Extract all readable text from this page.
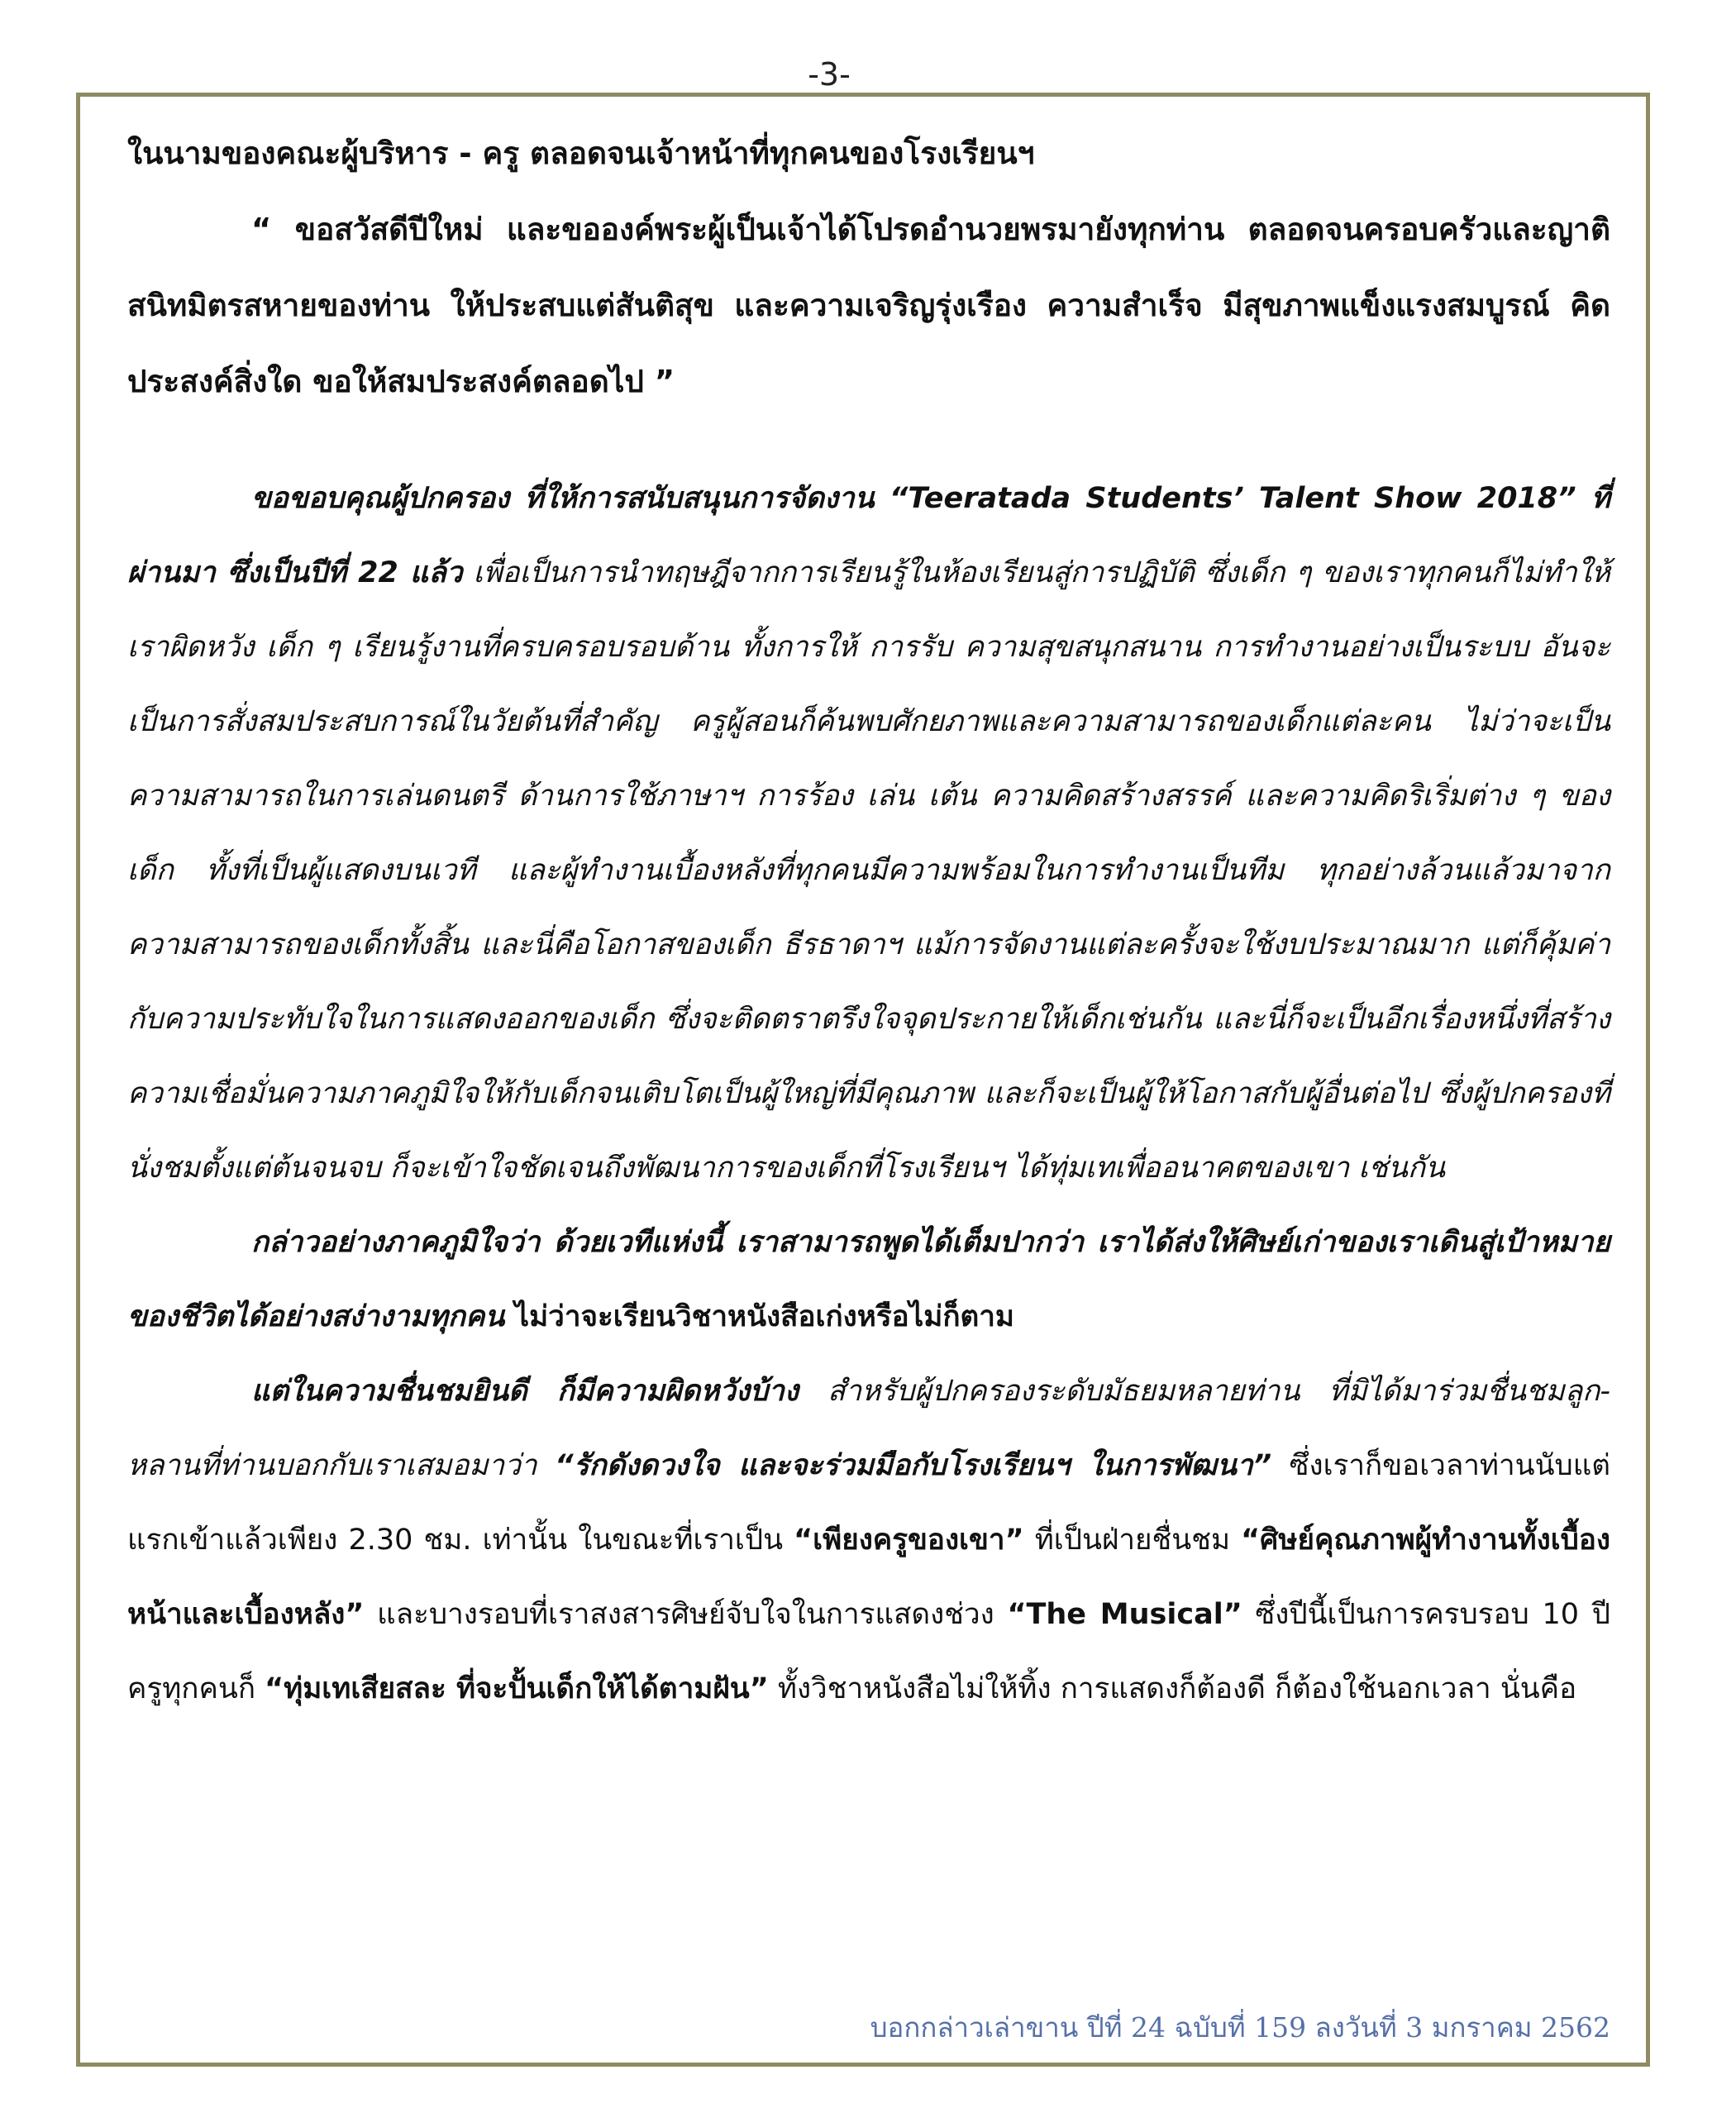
-3-

ในนามของคณะผู้บริหาร - ครู ตลอดจนเจ้าหน้าที่ทุกคนของโรงเรียนฯ

“ ขอสวัสดีปีใหม่ และขอองค์พระผู้เป็นเจ้าได้โปรดอำนวยพรมายังทุกท่าน ตลอดจนครอบครัวและญาติสนิทมิตรสหายของท่าน ให้ประสบแต่สันติสุข และความเจริญรุ่งเรือง ความสำเร็จ มีสุขภาพแข็งแรงสมบูรณ์ คิดประสงค์สิ่งใด ขอให้สมประสงค์ตลอดไป ”

ขอขอบคุณผู้ปกครอง ที่ให้การสนับสนุนการจัดงาน “Teeratada Students’ Talent Show 2018” ที่ผ่านมา ซึ่งเป็นปีที่ 22 แล้ว เพื่อเป็นการนำทฤษฎีจากการเรียนรู้ในห้องเรียนสู่การปฏิบัติ ซึ่งเด็ก ๆ ของเราทุกคนก็ไม่ทำให้เราผิดหวัง เด็ก ๆ เรียนรู้งานที่ครบครอบรอบด้าน ทั้งการให้ การรับ ความสุขสนุกสนาน การทำงานอย่างเป็นระบบ อันจะเป็นการสั่งสมประสบการณ์ในวัยต้นที่สำคัญ ครูผู้สอนก็ค้นพบศักยภาพและความสามารถของเด็กแต่ละคน ไม่ว่าจะเป็นความสามารถในการเล่นดนตรี ด้านการใช้ภาษาฯ การร้อง เล่น เต้น ความคิดสร้างสรรค์ และความคิดริเริ่มต่าง ๆ ของเด็ก ทั้งที่เป็นผู้แสดงบนเวที และผู้ทำงานเบื้องหลังที่ทุกคนมีความพร้อมในการทำงานเป็นทีม ทุกอย่างล้วนแล้วมาจากความสามารถของเด็กทั้งสิ้น และนี่คือโอกาสของเด็ก ธีรธาดาฯ แม้การจัดงานแต่ละครั้งจะใช้งบประมาณมาก แต่ก็คุ้มค่ากับความประทับใจในการแสดงออกของเด็ก ซึ่งจะติดตราตรึงใจจุดประกายให้เด็กเช่นกัน และนี่ก็จะเป็นอีกเรื่องหนึ่งที่สร้างความเชื่อมั่นความภาคภูมิใจให้กับเด็กจนเติบโตเป็นผู้ใหญ่ที่มีคุณภาพ และก็จะเป็นผู้ให้โอกาสกับผู้อื่นต่อไป ซึ่งผู้ปกครองที่นั่งชมตั้งแต่ต้นจนจบ ก็จะเข้าใจชัดเจนถึงพัฒนาการของเด็กที่โรงเรียนฯ ได้ทุ่มเทเพื่ออนาคตของเขา เช่นกัน

กล่าวอย่างภาคภูมิใจว่า ด้วยเวทีแห่งนี้ เราสามารถพูดได้เต็มปากว่า เราได้ส่งให้ศิษย์เก่าของเราเดินสู่เป้าหมายของชีวิตได้อย่างสง่างามทุกคน ไม่ว่าจะเรียนวิชาหนังสือเก่งหรือไม่ก็ตาม

แต่ในความชื่นชมยินดี ก็มีความผิดหวังบ้าง สำหรับผู้ปกครองระดับมัธยมหลายท่าน ที่มิได้มาร่วมชื่นชมลูก-หลานที่ท่านบอกกับเราเสมอมาว่า “รักดังดวงใจ และจะร่วมมือกับโรงเรียนฯ ในการพัฒนา” ซึ่งเราก็ขอเวลาท่านนับแต่แรกเข้าแล้วเพียง 2.30 ชม. เท่านั้น ในขณะที่เราเป็น “เพียงครูของเขา” ที่เป็นฝ่ายชื่นชม “ศิษย์คุณภาพผู้ทำงานทั้งเบื้องหน้าและเบื้องหลัง” และบางรอบที่เราสงสารศิษย์จับใจในการแสดงช่วง “The Musical” ซึ่งปีนี้เป็นการครบรอบ 10 ปี ครูทุกคนก็ “ทุ่มเทเสียสละ ที่จะปั้นเด็กให้ได้ตามฝัน” ทั้งวิชาหนังสือไม่ให้ทิ้ง การแสดงก็ต้องดี ก็ต้องใช้นอกเวลา นั่นคือ

บอกกล่าวเล่าขาน ปีที่ 24 ฉบับที่ 159 ลงวันที่ 3 มกราคม 2562
